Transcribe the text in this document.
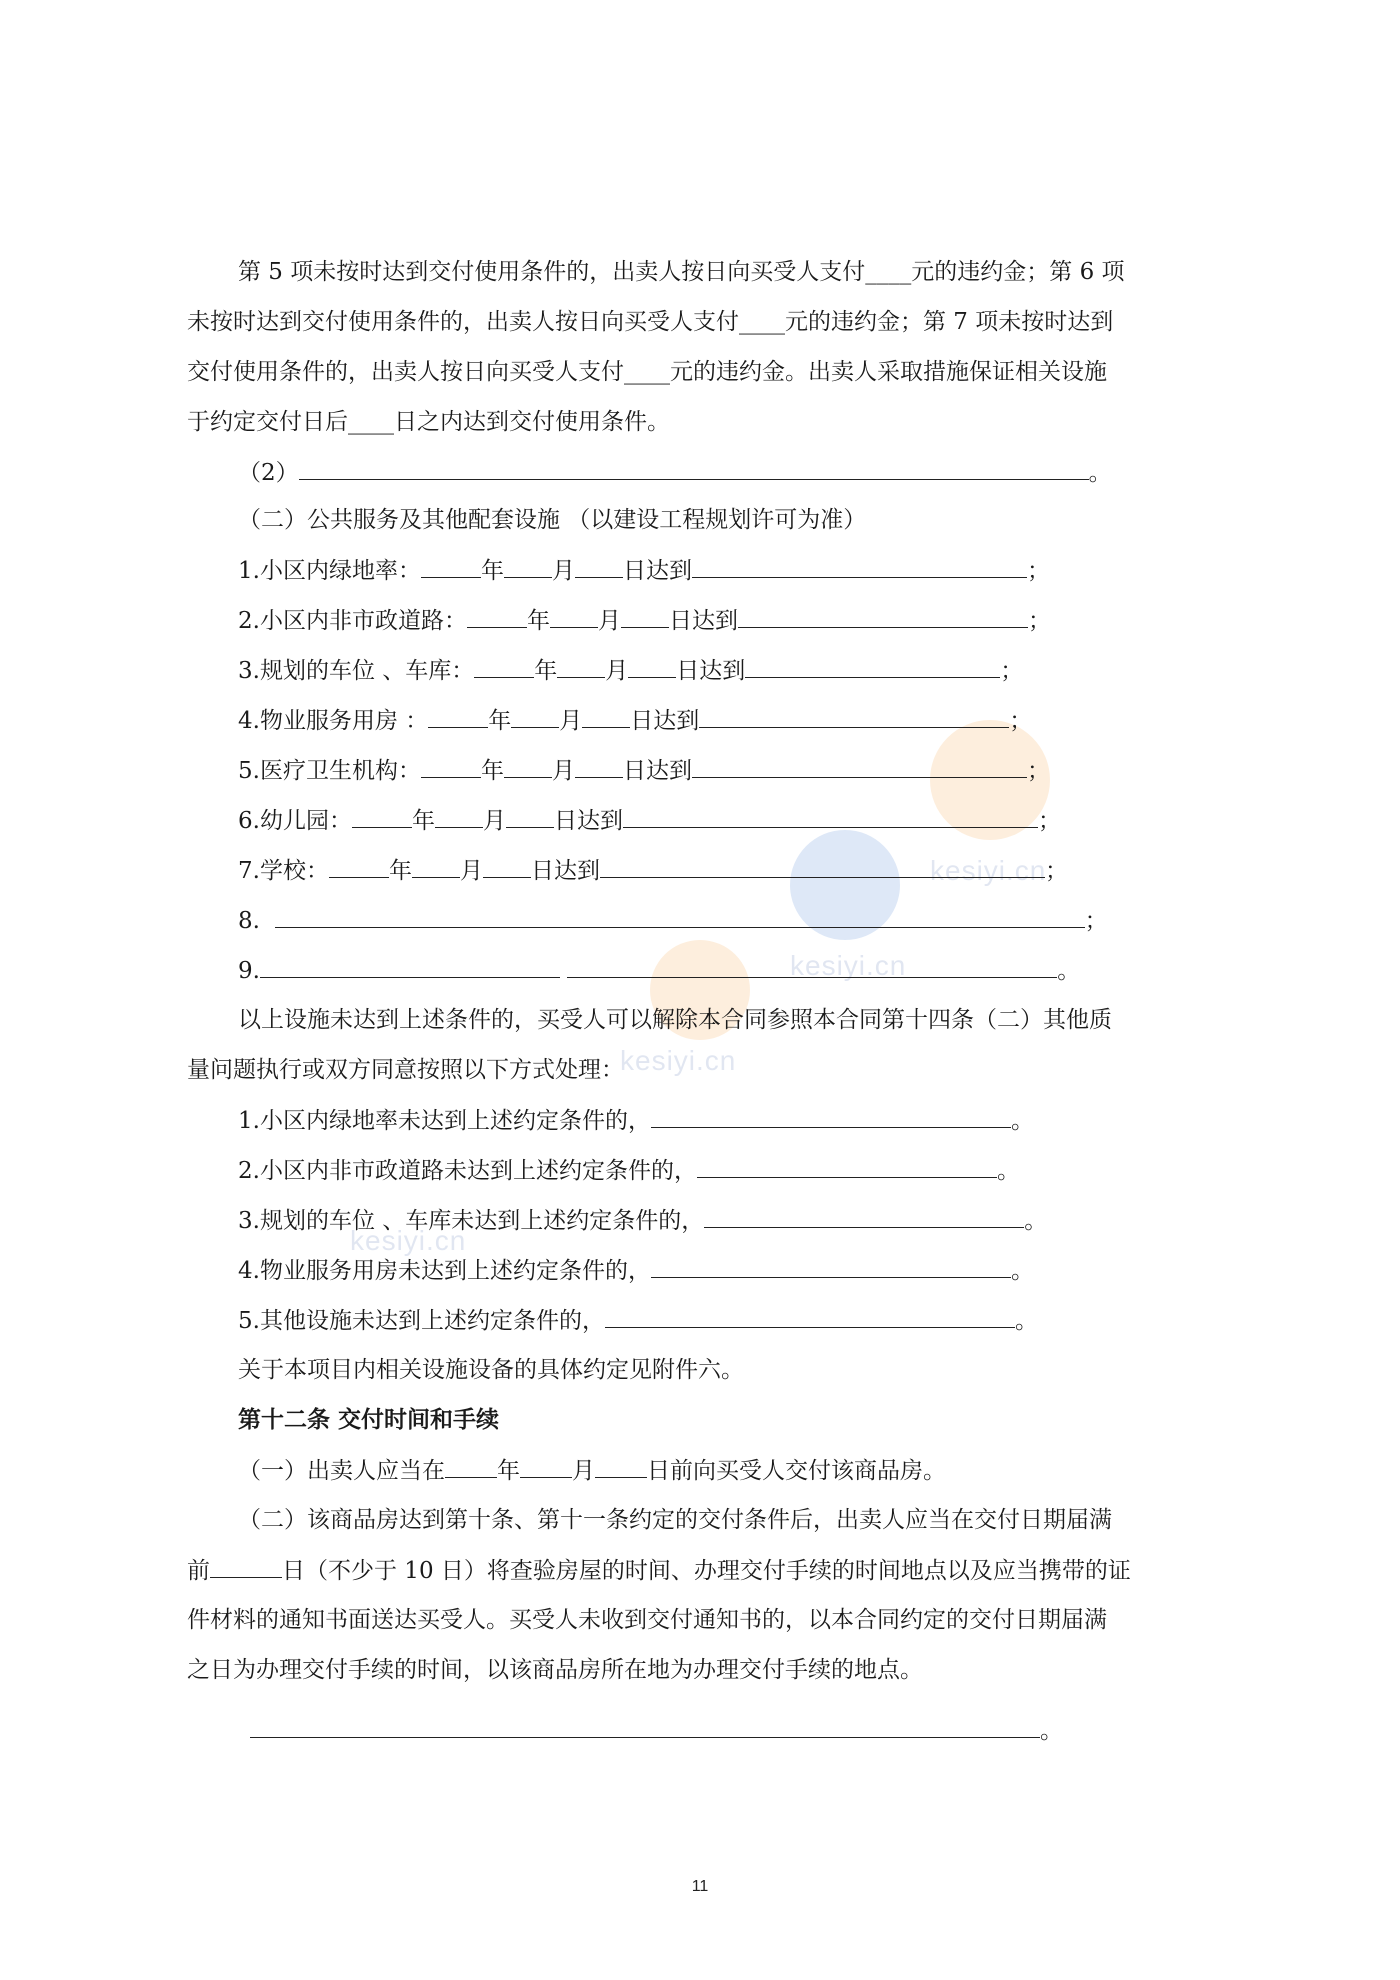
kesiyi.cn
kesiyi.cn
kesiyi.cn
kesiyi.cn
第 5 项未按时达到交付使用条件的，出卖人按日向买受人支付____元的违约金；第 6 项
未按时达到交付使用条件的，出卖人按日向买受人支付____元的违约金；第 7 项未按时达到
交付使用条件的，出卖人按日向买受人支付____元的违约金。出卖人采取措施保证相关设施
于约定交付日后____日之内达到交付使用条件。
（2）	。
（二）公共服务及其他配套设施 （以建设工程规划许可为准）
1.小区内绿地率：	年 月 日达到	；
2.小区内非市政道路：	年 月 日达到	；
3.规划的车位 、车库：	年 月 日达到	；
4.物业服务用房 ：	年 月 日达到	；
5.医疗卫生机构：	年 月 日达到	；
6.幼儿园：	年 月 日达到	；
7.学校：	年 月 日达到	；
8.	；
9.	。
以上设施未达到上述条件的，买受人可以解除本合同参照本合同第十四条（二）其他质
量问题执行或双方同意按照以下方式处理：
1.小区内绿地率未达到上述约定条件的，	。
2.小区内非市政道路未达到上述约定条件的，	。
3.规划的车位 、车库未达到上述约定条件的，	。
4.物业服务用房未达到上述约定条件的，	。
5.其他设施未达到上述约定条件的，	。
关于本项目内相关设施设备的具体约定见附件六。
第十二条 交付时间和手续
（一）出卖人应当在 年 月 日前向买受人交付该商品房。
（二）该商品房达到第十条、第十一条约定的交付条件后，出卖人应当在交付日期届满
前	日（不少于 10 日）将查验房屋的时间、办理交付手续的时间地点以及应当携带的证
件材料的通知书面送达买受人。买受人未收到交付通知书的，以本合同约定的交付日期届满
之日为办理交付手续的时间，以该商品房所在地为办理交付手续的地点。
。
11
